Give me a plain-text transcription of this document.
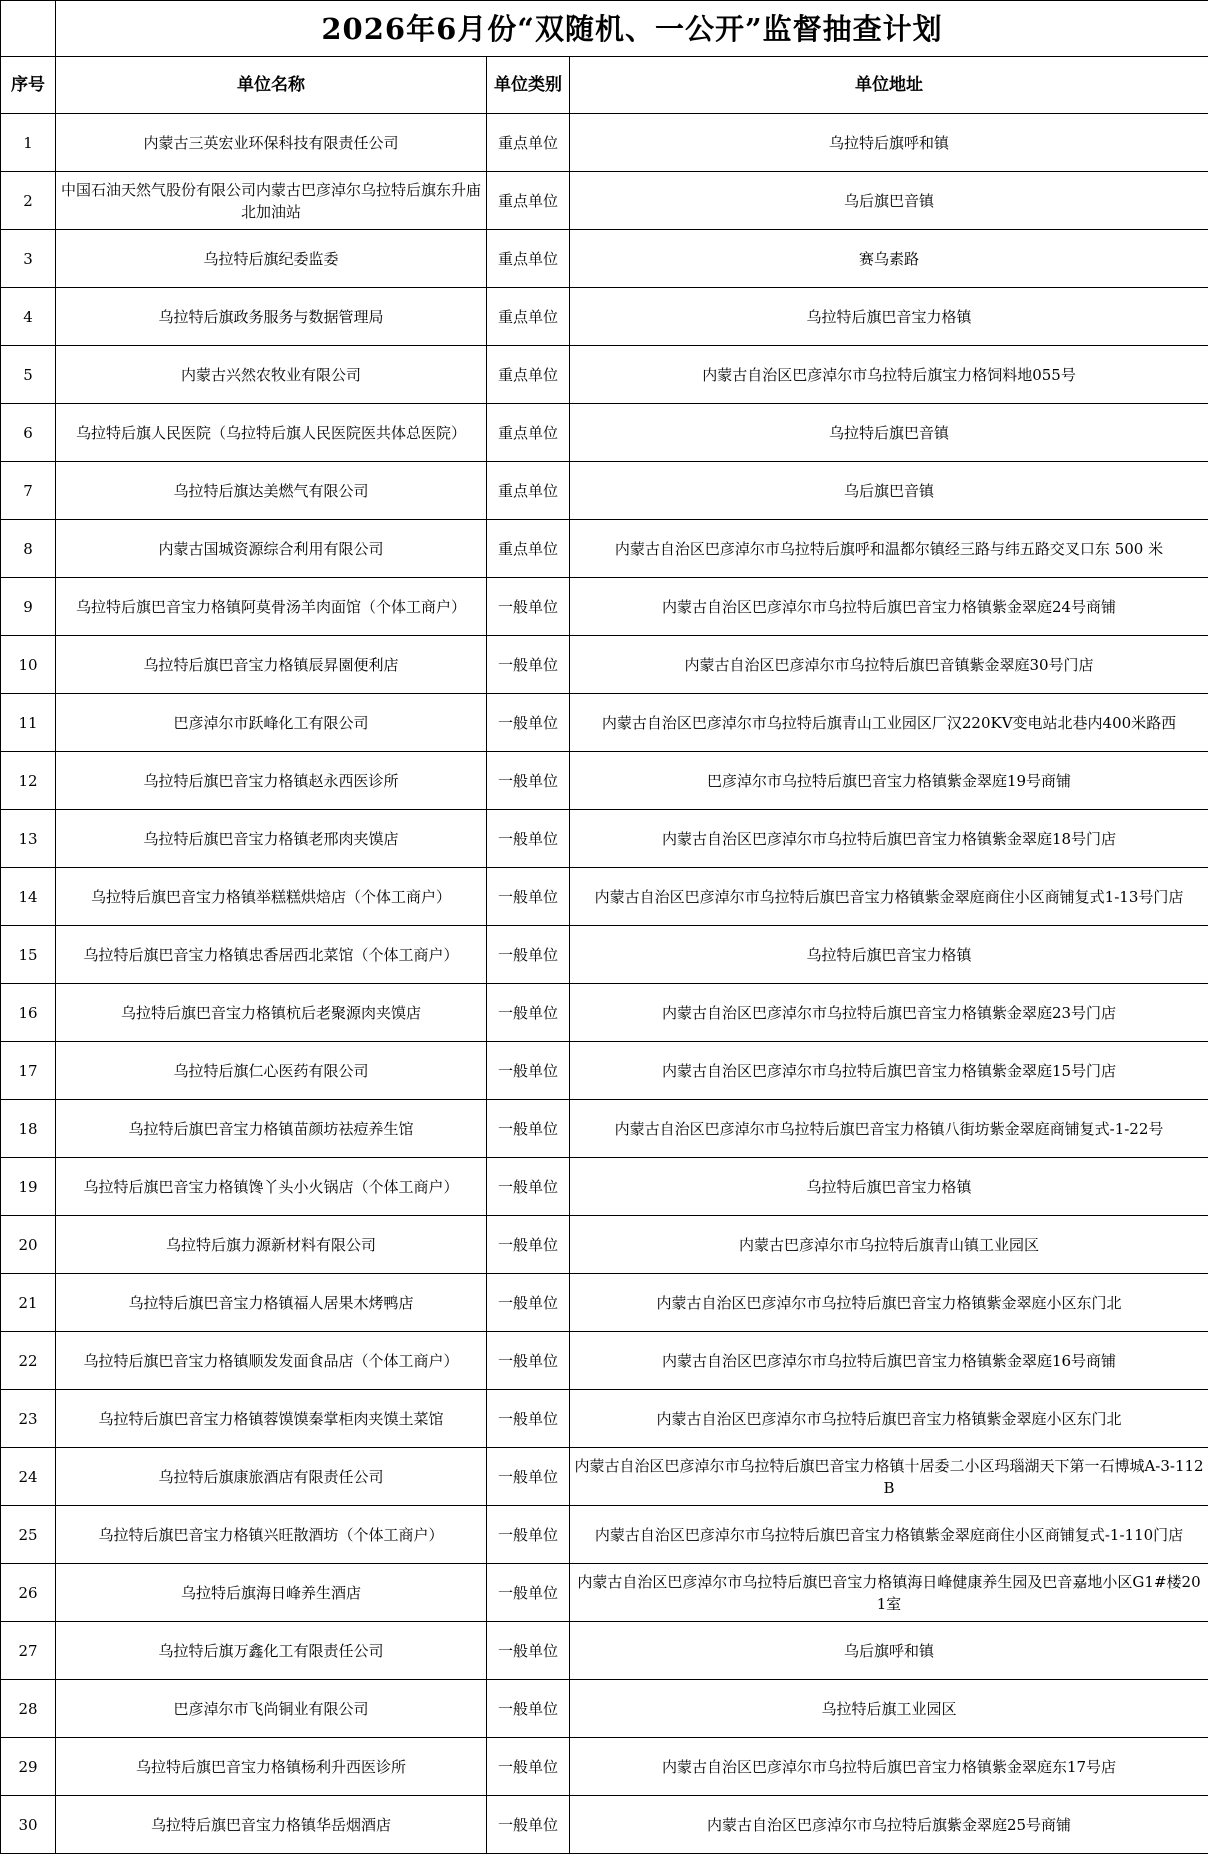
	2026年6月份“双随机、一公开”监督抽查计划		
序号	单位名称	单位类别	单位地址
1	内蒙古三英宏业环保科技有限责任公司	重点单位	乌拉特后旗呼和镇
2	中国石油天然气股份有限公司内蒙古巴彦淖尔乌拉特后旗东升庙北加油站	重点单位	乌后旗巴音镇
3	乌拉特后旗纪委监委	重点单位	赛乌素路
4	乌拉特后旗政务服务与数据管理局	重点单位	乌拉特后旗巴音宝力格镇
5	内蒙古兴然农牧业有限公司	重点单位	内蒙古自治区巴彦淖尔市乌拉特后旗宝力格饲料地055号
6	乌拉特后旗人民医院（乌拉特后旗人民医院医共体总医院）	重点单位	乌拉特后旗巴音镇
7	乌拉特后旗达美燃气有限公司	重点单位	乌后旗巴音镇
8	内蒙古国城资源综合利用有限公司	重点单位	内蒙古自治区巴彦淖尔市乌拉特后旗呼和温都尔镇经三路与纬五路交叉口东 500 米
9	乌拉特后旗巴音宝力格镇阿莫骨汤羊肉面馆（个体工商户）	一般单位	内蒙古自治区巴彦淖尔市乌拉特后旗巴音宝力格镇紫金翠庭24号商铺
10	乌拉特后旗巴音宝力格镇辰昇園便利店	一般单位	内蒙古自治区巴彦淖尔市乌拉特后旗巴音镇紫金翠庭30号门店
11	巴彦淖尔市跃峰化工有限公司	一般单位	内蒙古自治区巴彦淖尔市乌拉特后旗青山工业园区厂汉220KV变电站北巷内400米路西
12	乌拉特后旗巴音宝力格镇赵永西医诊所	一般单位	巴彦淖尔市乌拉特后旗巴音宝力格镇紫金翠庭19号商铺
13	乌拉特后旗巴音宝力格镇老邢肉夹馍店	一般单位	内蒙古自治区巴彦淖尔市乌拉特后旗巴音宝力格镇紫金翠庭18号门店
14	乌拉特后旗巴音宝力格镇举糕糕烘焙店（个体工商户）	一般单位	内蒙古自治区巴彦淖尔市乌拉特后旗巴音宝力格镇紫金翠庭商住小区商铺复式1-13号门店
15	乌拉特后旗巴音宝力格镇忠香居西北菜馆（个体工商户）	一般单位	乌拉特后旗巴音宝力格镇
16	乌拉特后旗巴音宝力格镇杭后老聚源肉夹馍店	一般单位	内蒙古自治区巴彦淖尔市乌拉特后旗巴音宝力格镇紫金翠庭23号门店
17	乌拉特后旗仁心医药有限公司	一般单位	内蒙古自治区巴彦淖尔市乌拉特后旗巴音宝力格镇紫金翠庭15号门店
18	乌拉特后旗巴音宝力格镇苗颜坊祛痘养生馆	一般单位	内蒙古自治区巴彦淖尔市乌拉特后旗巴音宝力格镇八街坊紫金翠庭商铺复式-1-22号
19	乌拉特后旗巴音宝力格镇馋丫头小火锅店（个体工商户）	一般单位	乌拉特后旗巴音宝力格镇
20	乌拉特后旗力源新材料有限公司	一般单位	内蒙古巴彦淖尔市乌拉特后旗青山镇工业园区
21	乌拉特后旗巴音宝力格镇福人居果木烤鸭店	一般单位	内蒙古自治区巴彦淖尔市乌拉特后旗巴音宝力格镇紫金翠庭小区东门北
22	乌拉特后旗巴音宝力格镇顺发发面食品店（个体工商户）	一般单位	内蒙古自治区巴彦淖尔市乌拉特后旗巴音宝力格镇紫金翠庭16号商铺
23	乌拉特后旗巴音宝力格镇蓉馍馍秦掌柜肉夹馍土菜馆	一般单位	内蒙古自治区巴彦淖尔市乌拉特后旗巴音宝力格镇紫金翠庭小区东门北
24	乌拉特后旗康旅酒店有限责任公司	一般单位	内蒙古自治区巴彦淖尔市乌拉特后旗巴音宝力格镇十居委二小区玛瑙湖天下第一石博城A-3-112B
25	乌拉特后旗巴音宝力格镇兴旺散酒坊（个体工商户）	一般单位	内蒙古自治区巴彦淖尔市乌拉特后旗巴音宝力格镇紫金翠庭商住小区商铺复式-1-110门店
26	乌拉特后旗海日峰养生酒店	一般单位	内蒙古自治区巴彦淖尔市乌拉特后旗巴音宝力格镇海日峰健康养生园及巴音嘉地小区G1#楼201室
27	乌拉特后旗万鑫化工有限责任公司	一般单位	乌后旗呼和镇
28	巴彦淖尔市飞尚铜业有限公司	一般单位	乌拉特后旗工业园区
29	乌拉特后旗巴音宝力格镇杨利升西医诊所	一般单位	内蒙古自治区巴彦淖尔市乌拉特后旗巴音宝力格镇紫金翠庭东17号店
30	乌拉特后旗巴音宝力格镇华岳烟酒店	一般单位	内蒙古自治区巴彦淖尔市乌拉特后旗紫金翠庭25号商铺
